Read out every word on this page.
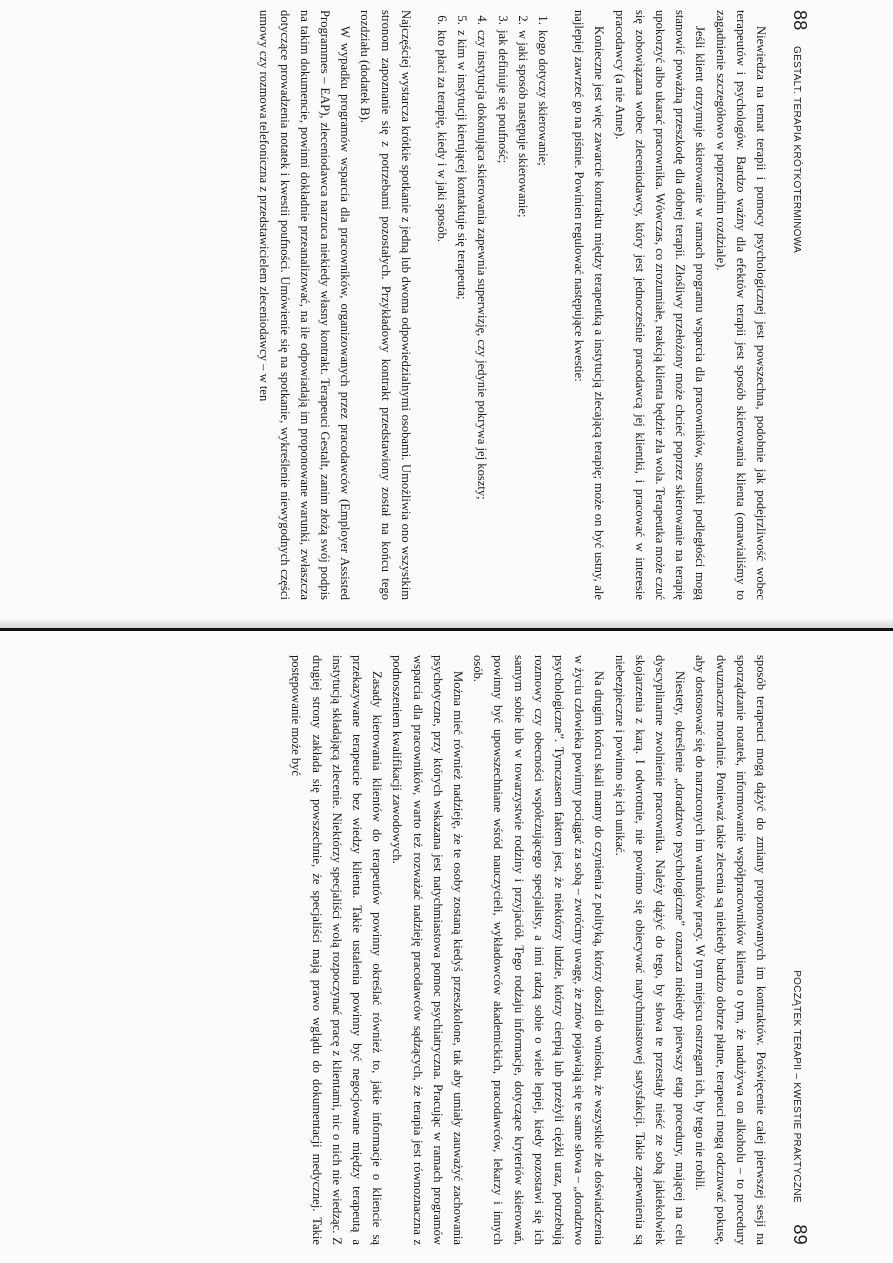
88     GESTALT. TERAPIA KRÓTKOTERMINOWA

Niewiedza na temat terapii i pomocy psychologicznej jest powszechna, podobnie jak podejrzliwość wobec terapeutów i psychologów. Bardzo ważny dla efektów terapii jest sposób skierowania klienta (omawialiśmy to zagadnienie szczegółowo w poprzednim rozdziale).

Jeśli klient otrzymuje skierowanie w ramach programu wsparcia dla pracowników, stosunki podległości mogą stanowić poważną przeszkodę dla dobrej terapii. Złośliwy przełożony może chcieć poprzez skierowanie na terapię upokorzyć albo ukarać pracownika. Wówczas, co zrozumiałe, reakcją klienta będzie zła wola. Terapeutka może czuć się zobowiązana wobec zleceniodawcy, który jest jednocześnie pracodawcą jej klientki, i pracować w interesie pracodawcy (a nie Anne).

Konieczne jest więc zawarcie kontraktu między terapeutką a instytucją zlecającą terapię; może on być ustny, ale najlepiej zawrzeć go na piśmie. Powinien regulować następujące kwestie:

1. kogo dotyczy skierowanie;
2. w jaki sposób następuje skierowanie;
3. jak definiuje się poufność;
4. czy instytucja dokonująca skierowania zapewnia superwizję, czy jedynie pokrywa jej koszty;
5. z kim w instytucji kierującej kontaktuje się terapeuta;
6. kto płaci za terapię, kiedy i w jaki sposób.

Najczęściej wystarcza krótkie spotkanie z jedną lub dwoma odpowiedzialnymi osobami. Umożliwia ono wszystkim stronom zapoznanie się z potrzebami pozostałych. Przykładowy kontrakt przedstawiony został na końcu tego rozdziału (dodatek B).

W wypadku programów wsparcia dla pracowników, organizowanych przez pracodawców (Employer Assisted Programmes – EAP), zleceniodawca narzuca niekiedy własny kontrakt. Terapeuci Gestalt, zanim złożą swój podpis na takim dokumencie, powinni dokładnie przeanalizować, na ile odpowiadają im proponowane warunki, zwłaszcza dotyczące prowadzenia notatek i kwestii poufności. Umówienie się na spotkanie, wykreślenie niewygodnych części umowy czy rozmowa telefoniczna z przedstawicielem zleceniodawcy – w ten

POCZĄTEK TERAPII – KWESTIE PRAKTYCZNE       89

sposób terapeuci mogą dążyć do zmiany proponowanych im kontraktów. Poświęcenie całej pierwszej sesji na sporządzanie notatek, informowanie współpracowników klienta o tym, że nadużywa on alkoholu – to procedury dwuznaczne moralnie. Ponieważ takie zlecenia są niekiedy bardzo dobrze płatne, terapeuci mogą odczuwać pokusę, aby dostosować się do narzuconych im warunków pracy. W tym miejscu ostrzegam ich, by tego nie robili.

Niestety, określenie „doradztwo psychologiczne” oznacza niekiedy pierwszy etap procedury, mającej na celu dyscyplinarne zwolnienie pracownika. Należy dążyć do tego, by słowa te przestały nieść ze sobą jakiekolwiek skojarzenia z karą. I odwrotnie, nie powinno się obiecywać natychmiastowej satysfakcji. Takie zapewnienia są niebezpieczne i powinno się ich unikać.

Na drugim końcu skali mamy do czynienia z polityką, którzy doszli do wniosku, że wszystkie złe doświadczenia w życiu człowieka powinny pociągać za sobą – zwróćmy uwagę, że znów pojawiają się te same słowa – „doradztwo psychologiczne”. Tymczasem faktem jest, że niektórzy ludzie, którzy cierpią lub przeżyli ciężki uraz, potrzebują rozmowy czy obecności współczującego specjalisty, a inni radzą sobie o wiele lepiej, kiedy pozostawi się ich samym sobie lub w towarzystwie rodziny i przyjaciół. Tego rodzaju informacje, dotyczące kryteriów skierowań, powinny być upowszechniane wśród nauczycieli, wykładowców akademickich, pracodawców, lekarzy i innych osób.

Można mieć również nadzieję, że te osoby zostaną kiedyś przeszkolone, tak aby umiały zauważyć zachowania psychotyczne, przy których wskazana jest natychmiastowa pomoc psychiatryczna. Pracując w ramach programów wsparcia dla pracowników, warto też rozważać nadzieję pracodawców sądzących, że terapia jest równoznaczna z podnoszeniem kwalifikacji zawodowych.

Zasady kierowania klientów do terapeutów powinny określać również to, jakie informacje o kliencie są przekazywane terapeucie bez wiedzy klienta. Takie ustalenia powinny być negocjowane między terapeutą a instytucją składającą zlecenie. Niektórzy specjaliści wolą rozpoczynać pracę z klientami, nic o nich nie wiedząc. Z drugiej strony zakłada się powszechnie, że specjaliści mają prawo wglądu do dokumentacji medycznej. Takie postępowanie może być
